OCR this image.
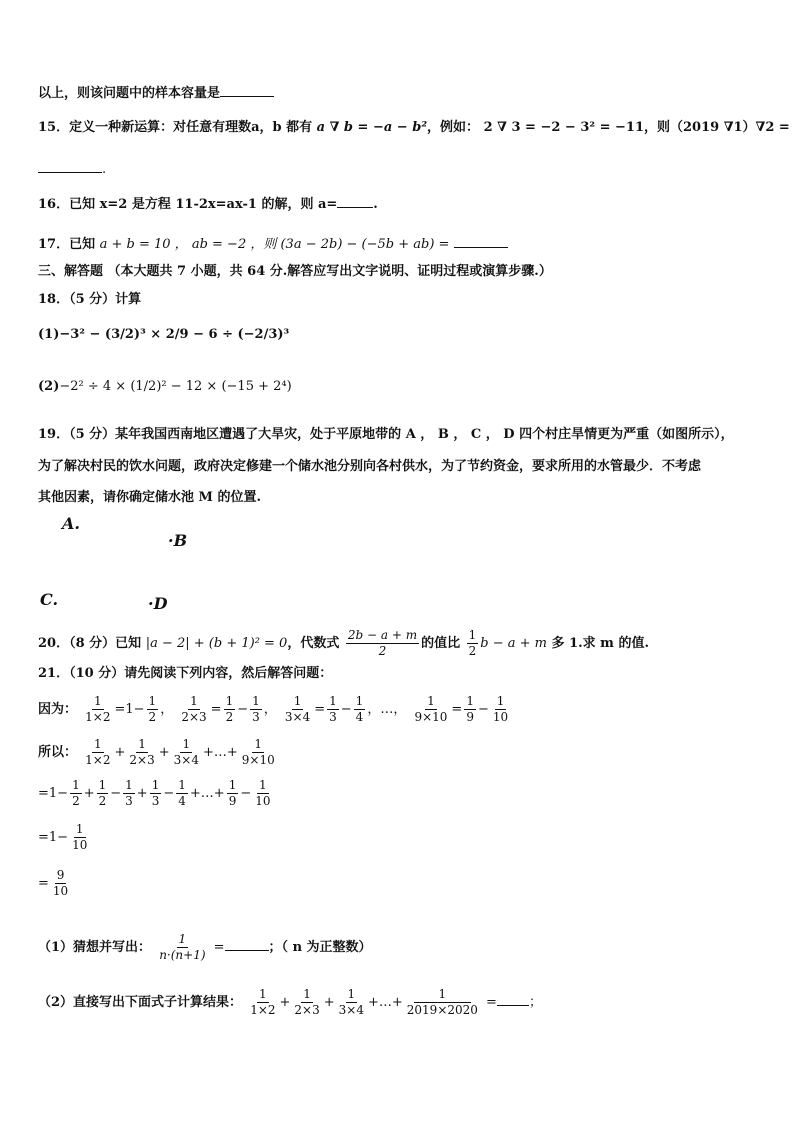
以上，则该问题中的样本容量是
15．定义一种新运算：对任意有理数a，b 都有 a ∇ b = −a − b²，例如： 2 ∇ 3 = −2 − 3² = −11，则（2019 ∇1）∇2 =
.
16．已知 x=2 是方程 11-2x=ax-1 的解，则 a=	.
17．已知 a + b = 10 ， ab = −2 ，则 (3a − 2b) − (−5b + ab) =
三、解答题 （本大题共 7 小题，共 64 分.解答应写出文字说明、证明过程或演算步骤.）
18．（5 分）计算
(1)−3² − (3/2)³ × 2/9 − 6 ÷ (−2/3)³
(2)−2² ÷ 4 × (1/2)² − 12 × (−15 + 2⁴)
19．（5 分）某年我国西南地区遭遇了大旱灾，处于平原地带的 A ， B ， C ， D 四个村庄旱情更为严重（如图所示），
为了解决村民的饮水问题，政府决定修建一个储水池分别向各村供水，为了节约资金，要求所用的水管最少．不考虑
其他因素，请你确定储水池 M 的位置.
A.
·B
C.	·D
20．（8 分）已知 |a − 2| + (b + 1)² = 0，代数式 $\frac{2b - a + m}{2}$ 的值比 $\frac{1}{2}$ b − a + m 多 1.求 m 的值.
21．（10 分）请先阅读下列内容，然后解答问题：
因为： $\frac{1}{1\times 2} =1- \frac{1}{2}$ ， $\frac{1}{2\times 3} = \frac{1}{2} - \frac{1}{3}$ ， $\frac{1}{3\times 4} = \frac{1}{3} - \frac{1}{4}$ ，…， $\frac{1}{9\times 10} = \frac{1}{9} - \frac{1}{10}$
所以： $\frac{1}{1\times 2} + \frac{1}{2\times 3} + \frac{1}{3\times 4}$ +…+ $\frac{1}{9\times 10}$
$=1- \frac{1}{2} + \frac{1}{2} - \frac{1}{3} + \frac{1}{3} - \frac{1}{4}$ +…+ $\frac{1}{9} - \frac{1}{10}$
$=1- \frac{1}{10}$
= $\frac{9}{10}$
（1）猜想并写出： $\frac{1}{n\cdot(n+1)}$ =	；（ n 为正整数）
（2）直接写出下面式子计算结果： $\frac{1}{1\times 2} + \frac{1}{2\times 3} + \frac{1}{3\times 4}$ +…+ $\frac{1}{2019\times 2020}$ = ；
